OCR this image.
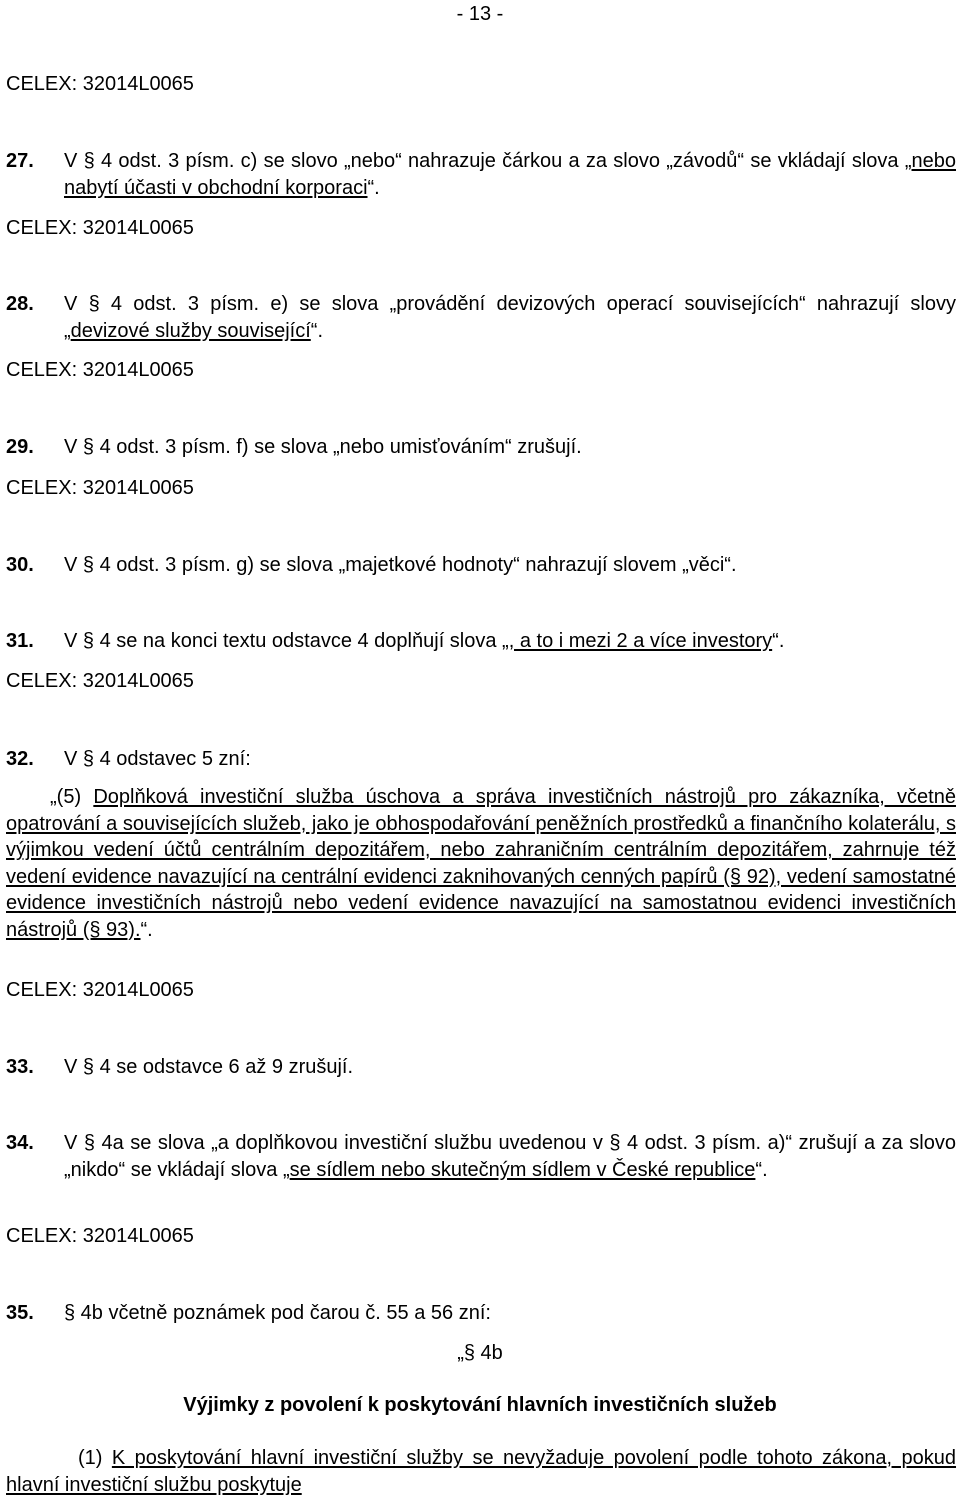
- 13 -
CELEX: 32014L0065
27. V § 4 odst. 3 písm. c) se slovo „nebo“ nahrazuje čárkou a za slovo „závodů“ se vkládají slova „nebo nabytí účasti v obchodní korporaci“.
CELEX: 32014L0065
28. V § 4 odst. 3 písm. e) se slova „provádění devizových operací souvisejících“ nahrazují slovy „devizové služby související“.
CELEX: 32014L0065
29. V § 4 odst. 3 písm. f) se slova „nebo umisťováním“ zrušují.
CELEX: 32014L0065
30. V § 4 odst. 3 písm. g) se slova „majetkové hodnoty“ nahrazují slovem „věci“.
31. V § 4 se na konci textu odstavce 4 doplňují slova „, a to i mezi 2 a více investory“.
CELEX: 32014L0065
32. V § 4 odstavec 5 zní:
„(5) Doplňková investiční služba úschova a správa investičních nástrojů pro zákazníka, včetně opatrování a souvisejících služeb, jako je obhospodařování peněžních prostředků a finančního kolaterálu, s výjimkou vedení účtů centrálním depozitářem, nebo zahraničním centrálním depozitářem, zahrnuje též vedení evidence navazující na centrální evidenci zaknihovaných cenných papírů (§ 92), vedení samostatné evidence investičních nástrojů nebo vedení evidence navazující na samostatnou evidenci investičních nástrojů (§ 93).“.
CELEX: 32014L0065
33. V § 4 se odstavce 6 až 9 zrušují.
34. V § 4a se slova „a doplňkovou investiční službu uvedenou v § 4 odst. 3 písm. a)“ zrušují a za slovo „nikdo“ se vkládají slova „se sídlem nebo skutečným sídlem v České republice“.
CELEX: 32014L0065
35. § 4b včetně poznámek pod čarou č. 55 a 56 zní:
„§ 4b
Výjimky z povolení k poskytování hlavních investičních služeb
(1) K poskytování hlavní investiční služby se nevyžaduje povolení podle tohoto zákona, pokud hlavní investiční službu poskytuje
